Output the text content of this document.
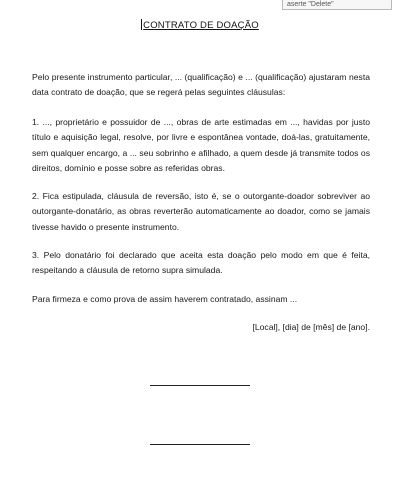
aserte "Delete"
CONTRATO DE DOAÇÃO

Pelo presente instrumento particular, ... (qualificação) e ... (qualificação) ajustaram nesta data contrato de doação, que se regerá pelas seguintes cláusulas:

1. ..., proprietário e possuidor de ..., obras de arte estimadas em ..., havidas por justo título e aquisição legal, resolve, por livre e espontânea vontade, doá-las, gratuitamente, sem qualquer encargo, a ... seu sobrinho e afilhado, a quem desde já transmite todos os direitos, domínio e posse sobre as referidas obras.

2. Fica estipulada, cláusula de reversão, isto é, se o outorgante-doador sobreviver ao outorgante-donatário, as obras reverterão automaticamente ao doador, como se jamais tivesse havido o presente instrumento.

3. Pelo donatário foi declarado que aceita esta doação pelo modo em que é feita, respeitando a cláusula de retorno supra simulada.

Para firmeza e como prova de assim haverem contratado, assinam ...

[Local], [dia] de [mês] de [ano].
